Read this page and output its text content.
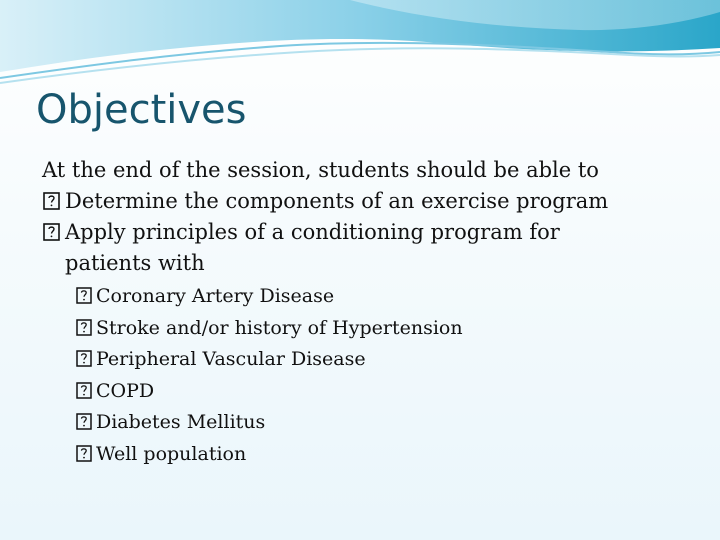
Objectives
At the end of the session, students should be able to
Determine the components of an exercise program
Apply principles of a conditioning program for
patients with
Coronary Artery Disease
Stroke and/or history of Hypertension
Peripheral Vascular Disease
COPD
Diabetes Mellitus
Well population
